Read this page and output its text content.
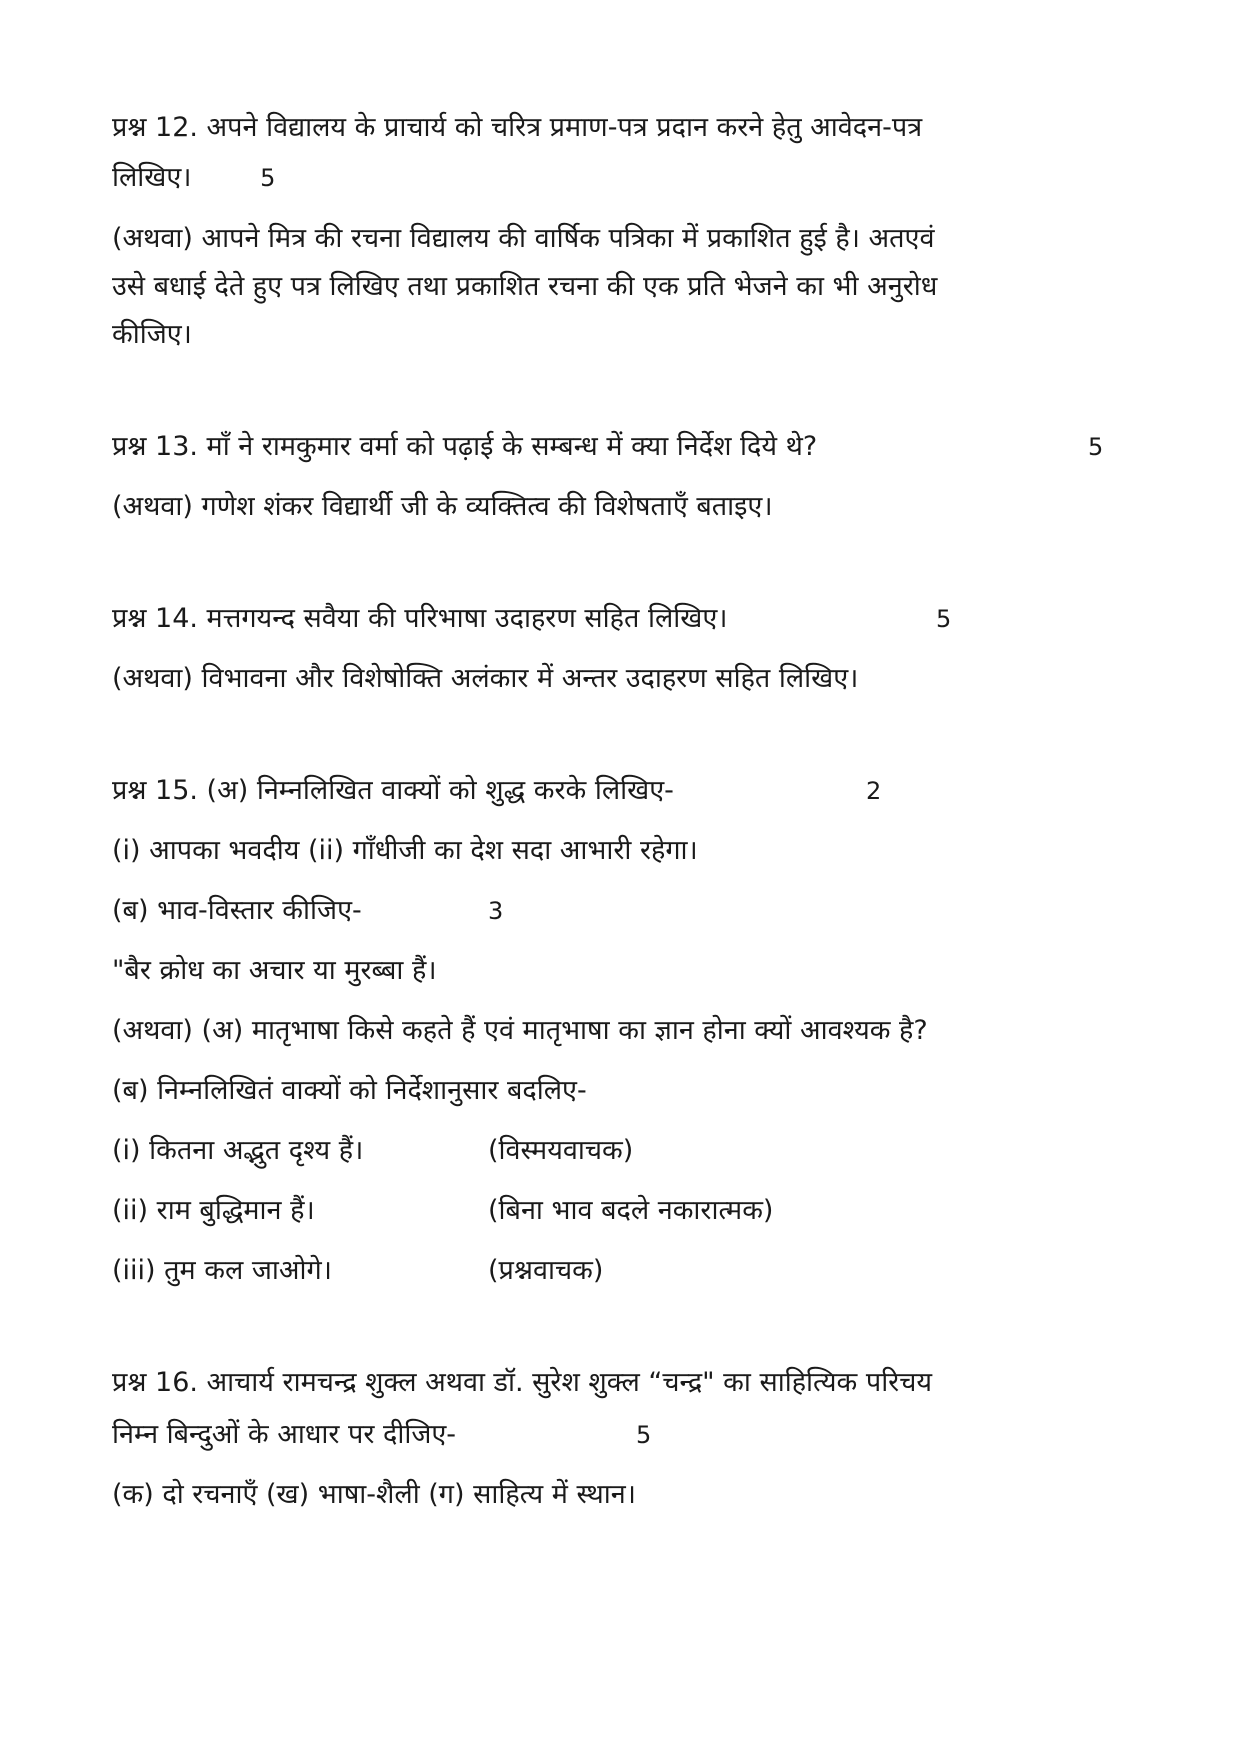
प्रश्न 12. अपने विद्यालय के प्राचार्य को चरित्र प्रमाण-पत्र प्रदान करने हेतु आवेदन-पत्र
लिखिए।	5
(अथवा) आपने मित्र की रचना विद्यालय की वार्षिक पत्रिका में प्रकाशित हुई है। अतएवं
उसे बधाई देते हुए पत्र लिखिए तथा प्रकाशित रचना की एक प्रति भेजने का भी अनुरोध
कीजिए।
प्रश्न 13. माँ ने रामकुमार वर्मा को पढ़ाई के सम्बन्ध में क्या निर्देश दिये थे?	5
(अथवा) गणेश शंकर विद्यार्थी जी के व्यक्तित्व की विशेषताएँ बताइए।
प्रश्न 14. मत्तगयन्द सवैया की परिभाषा उदाहरण सहित लिखिए।	5
(अथवा) विभावना और विशेषोक्ति अलंकार में अन्तर उदाहरण सहित लिखिए।
प्रश्न 15. (अ) निम्नलिखित वाक्यों को शुद्ध करके लिखिए-	2
(i) आपका भवदीय (ii) गाँधीजी का देश सदा आभारी रहेगा।
(ब) भाव-विस्तार कीजिए-	3
"बैर क्रोध का अचार या मुरब्बा हैं।
(अथवा) (अ) मातृभाषा किसे कहते हैं एवं मातृभाषा का ज्ञान होना क्यों आवश्यक है?
(ब) निम्नलिखितं वाक्यों को निर्देशानुसार बदलिए-
(i) कितना अद्भुत दृश्य हैं।	(विस्मयवाचक)
(ii) राम बुद्धिमान हैं।	(बिना भाव बदले नकारात्मक)
(iii) तुम कल जाओगे।	(प्रश्नवाचक)
प्रश्न 16. आचार्य रामचन्द्र शुक्ल अथवा डॉ. सुरेश शुक्ल “चन्द्र" का साहित्यिक परिचय
निम्न बिन्दुओं के आधार पर दीजिए-	5
(क) दो रचनाएँ (ख) भाषा-शैली (ग) साहित्य में स्थान।
